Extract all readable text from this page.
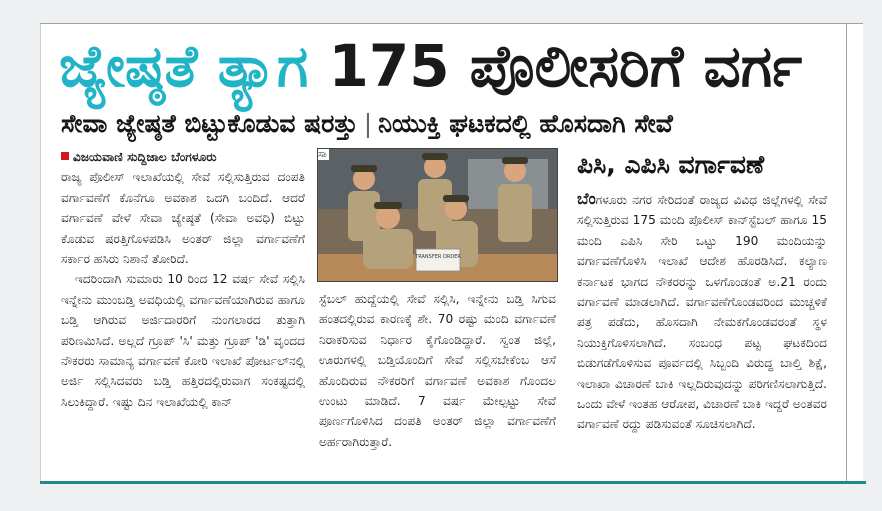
ಜ್ಯೇಷ್ಠತೆ ತ್ಯಾಗ 175 ಪೊಲೀಸರಿಗೆ ವರ್ಗ
ಸೇವಾ ಜ್ಯೇಷ್ಠತೆ ಬಿಟ್ಟುಕೊಡುವ ಷರತ್ತು | ನಿಯುಕ್ತಿ ಘಟಕದಲ್ಲಿ ಹೊಸದಾಗಿ ಸೇವೆ
ವಿಜಯವಾಣಿ ಸುದ್ದಿಜಾಲ ಬೆಂಗಳೂರು

ರಾಜ್ಯ ಪೊಲೀಸ್ ಇಲಾಖೆಯಲ್ಲಿ ಸೇವೆ ಸಲ್ಲಿಸುತ್ತಿರುವ ದಂಪತಿ ವರ್ಗಾವಣೆಗೆ ಕೊನೆಗೂ ಅವಕಾಶ ಒದಗಿ ಬಂದಿದೆ. ಆದರೆ ವರ್ಗಾವಣೆ ವೇಳೆ ಸೇವಾ ಜ್ಯೇಷ್ಠತೆ (ಸೇವಾ ಅವಧಿ) ಬಿಟ್ಟು ಕೊಡುವ ಷರತ್ತಿಗೊಳಪಡಿಸಿ ಅಂತರ್ ಜಿಲ್ಲಾ ವರ್ಗಾವಣೆಗೆ ಸರ್ಕಾರ ಹಸಿರು ನಿಶಾನೆ ತೋರಿದೆ.

ಇದರಿಂದಾಗಿ ಸುಮಾರು 10 ರಿಂದ 12 ವರ್ಷ ಸೇವೆ ಸಲ್ಲಿಸಿ ಇನ್ನೇನು ಮುಂಬಡ್ತಿ ಅವಧಿಯಲ್ಲಿ ವರ್ಗಾವಣೆಯಾಗಿರುವ ಹಾಗೂ ಬಡ್ತಿ ಆಗಿರುವ ಅರ್ಜಿದಾರರಿಗೆ ನುಂಗಲಾರದ ತುತ್ತಾಗಿ ಪರಿಣಮಿಸಿದೆ. ಅಲ್ಲದೆ ಗ್ರೂಪ್ 'ಸಿ' ಮತ್ತು ಗ್ರೂಪ್ 'ಡಿ' ವೃಂದದ ನೌಕರರು ಸಾಮಾನ್ಯ ವರ್ಗಾವಣೆ ಕೋರಿ ಇಲಾಖೆ ಪೋರ್ಟಲ್‌ನಲ್ಲಿ ಅರ್ಜಿ ಸಲ್ಲಿಸಿದವರು ಬಡ್ತಿ ಹತ್ತಿರದಲ್ಲಿರುವಾಗ ಸಂಕಷ್ಟದಲ್ಲಿ ಸಿಲುಕಿದ್ದಾರೆ. ಇಷ್ಟು ದಿನ ಇಲಾಖೆಯಲ್ಲಿ ಕಾನ್

TRANSFER ORDER
ಸಾ

ಸ್ಟೆಬಲ್ ಹುದ್ದೆಯಲ್ಲಿ ಸೇವೆ ಸಲ್ಲಿಸಿ, ಇನ್ನೇನು ಬಡ್ತಿ ಸಿಗುವ ಹಂತದಲ್ಲಿರುವ ಕಾರಣಕ್ಕೆ ಶೇ. 70 ರಷ್ಟು ಮಂದಿ ವರ್ಗಾವಣೆ ನಿರಾಕರಿಸುವ ನಿರ್ಧಾರ ಕೈಗೊಂಡಿದ್ದಾರೆ. ಸ್ವಂತ ಜಿಲ್ಲೆ, ಊರುಗಳಲ್ಲಿ ಬಡ್ತಿಯೊಂದಿಗೆ ಸೇವೆ ಸಲ್ಲಿಸಬೇಕೆಂಬ ಆಸೆ ಹೊಂದಿರುವ ನೌಕರರಿಗೆ ವರ್ಗಾವಣೆ ಅವಕಾಶ ಗೊಂದಲ ಉಂಟು ಮಾಡಿದೆ. 7 ವರ್ಷ ಮೇಲ್ಪಟ್ಟು ಸೇವೆ ಪೂರ್ಣಗೊಳಿಸಿದ ದಂಪತಿ ಅಂತರ್ ಜಿಲ್ಲಾ ವರ್ಗಾವಣೆಗೆ ಅರ್ಹರಾಗಿರುತ್ತಾರೆ.

ಪಿಸಿ, ಎಪಿಸಿ ವರ್ಗಾವಣೆ

ಬೆಂಗಳೂರು ನಗರ ಸೇರಿದಂತೆ ರಾಜ್ಯದ ವಿವಿಧ ಜಿಲ್ಲೆಗಳಲ್ಲಿ ಸೇವೆ ಸಲ್ಲಿಸುತ್ತಿರುವ 175 ಮಂದಿ ಪೊಲೀಸ್ ಕಾನ್‌ಸ್ಟೆಬಲ್ ಹಾಗೂ 15 ಮಂದಿ ಎಪಿಸಿ ಸೇರಿ ಒಟ್ಟು 190 ಮಂದಿಯನ್ನು ವರ್ಗಾವಣೆಗೊಳಿಸಿ ಇಲಾಖೆ ಆದೇಶ ಹೊರಡಿಸಿದೆ. ಕಲ್ಯಾಣ ಕರ್ನಾಟಕ ಭಾಗದ ನೌಕರರನ್ನು ಒಳಗೊಂಡಂತೆ ಅ.21 ರಂದು ವರ್ಗಾವಣೆ ಮಾಡಲಾಗಿದೆ. ವರ್ಗಾವಣೆಗೊಂಡವರಿಂದ ಮುಚ್ಚಳಿಕೆ ಪತ್ರ ಪಡೆದು, ಹೊಸದಾಗಿ ನೇಮಕಗೊಂಡವರಂತೆ ಸ್ಥಳ ನಿಯುಕ್ತಿಗೊಳಿಸಲಾಗಿದೆ. ಸಂಬಂಧ ಪಟ್ಟ ಘಟಕದಿಂದ ಬಿಡುಗಡೆಗೊಳಿಸುವ ಪೂರ್ವದಲ್ಲಿ ಸಿಬ್ಬಂದಿ ವಿರುದ್ಧ ಬಾಲ್ತಿ ಶಿಕ್ಷೆ, ಇಲಾಖಾ ವಿಚಾರಣೆ ಬಾಕಿ ಇಲ್ಲದಿರುವುದನ್ನು ಪರಿಗಣಿಸಲಾಗುತ್ತಿದೆ. ಒಂದು ವೇಳೆ ಇಂತಹ ಆರೋಪ, ವಿಚಾರಣೆ ಬಾಕಿ ಇದ್ದರೆ ಅಂತವರ ವರ್ಗಾವಣೆ ರದ್ದು ಪಡಿಸುವಂತೆ ಸೂಚಿಸಲಾಗಿದೆ.
